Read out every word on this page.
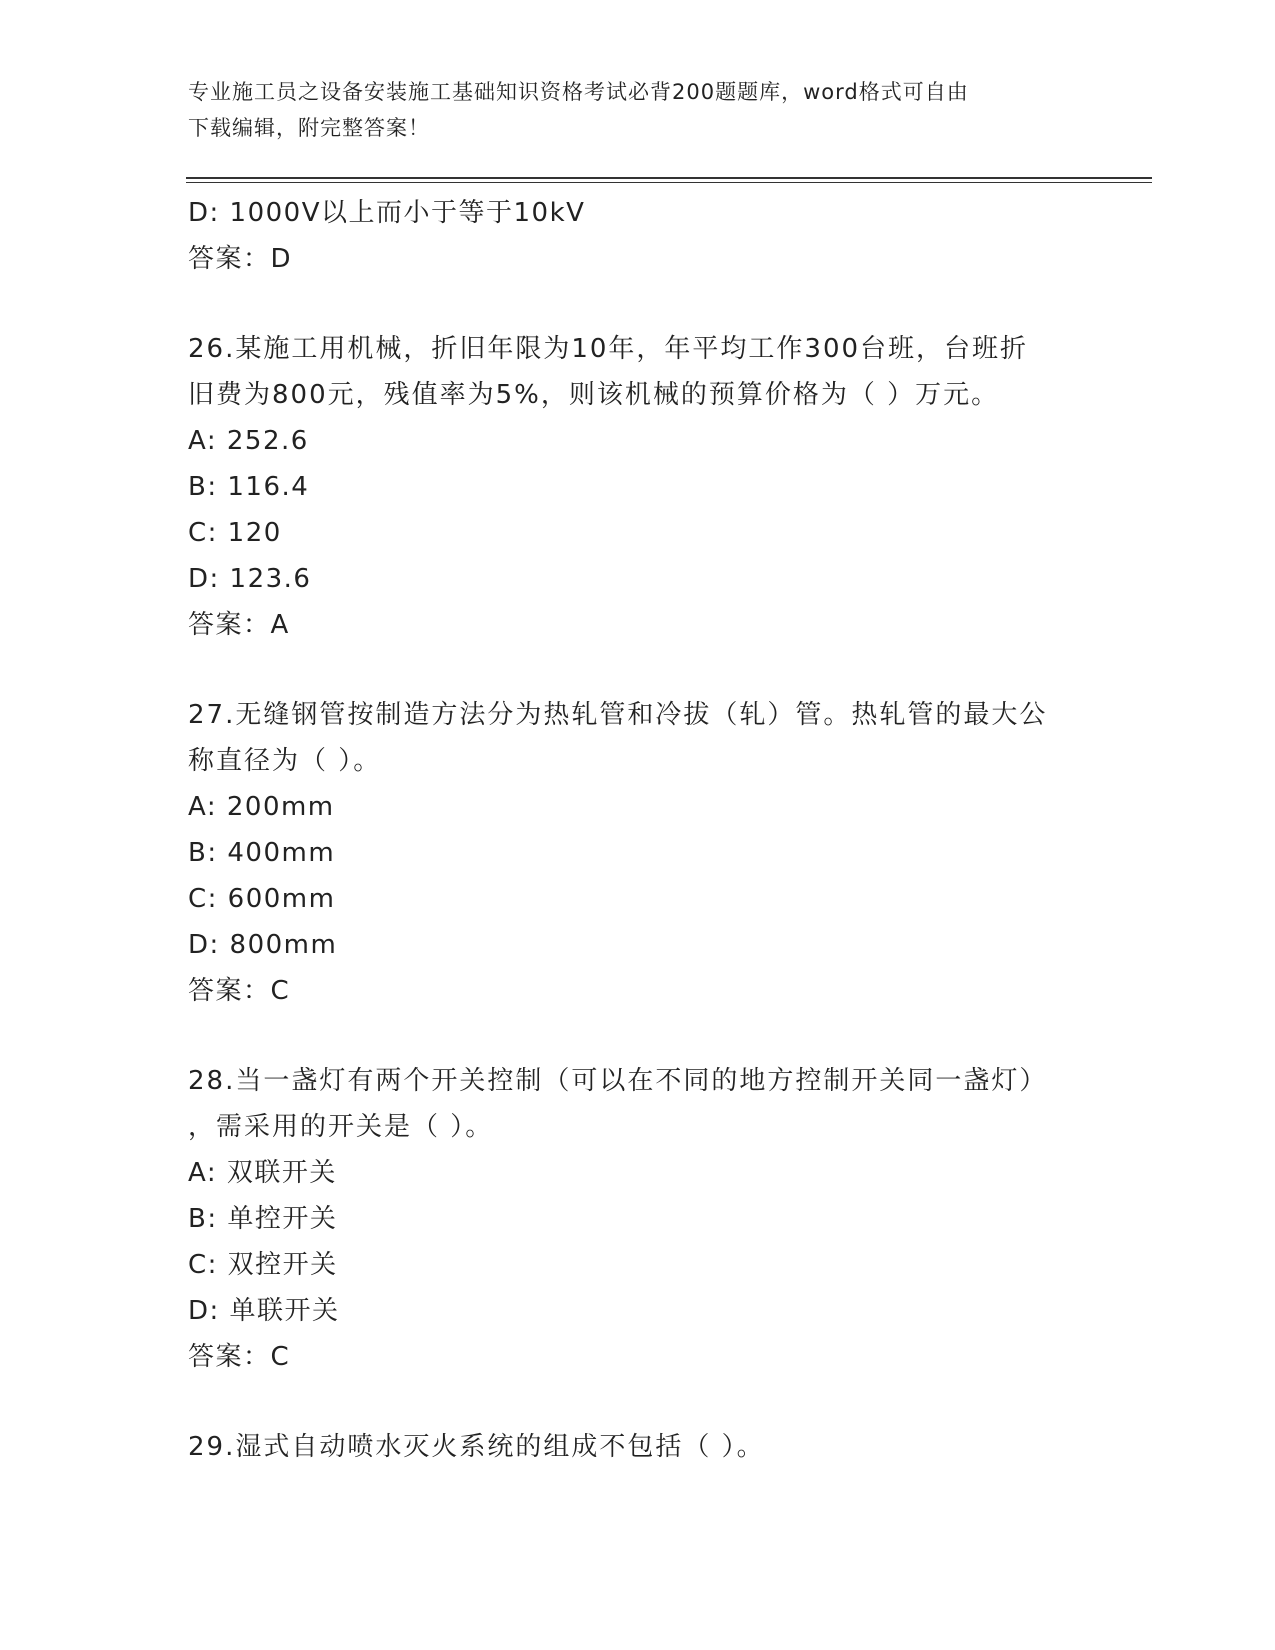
专业施工员之设备安装施工基础知识资格考试必背200题题库，word格式可自由
下载编辑，附完整答案！
D: 1000V以上而小于等于10kV
答案：D
26.某施工用机械，折旧年限为10年，年平均工作300台班，台班折
旧费为800元，残值率为5%，则该机械的预算价格为（ ）万元。
A: 252.6
B: 116.4
C: 120
D: 123.6
答案：A
27.无缝钢管按制造方法分为热轧管和冷拔（轧）管。热轧管的最大公
称直径为（ ）。
A: 200mm
B: 400mm
C: 600mm
D: 800mm
答案：C
28.当一盏灯有两个开关控制（可以在不同的地方控制开关同一盏灯）
，需采用的开关是（ ）。
A: 双联开关
B: 单控开关
C: 双控开关
D: 单联开关
答案：C
29.湿式自动喷水灭火系统的组成不包括（ ）。
